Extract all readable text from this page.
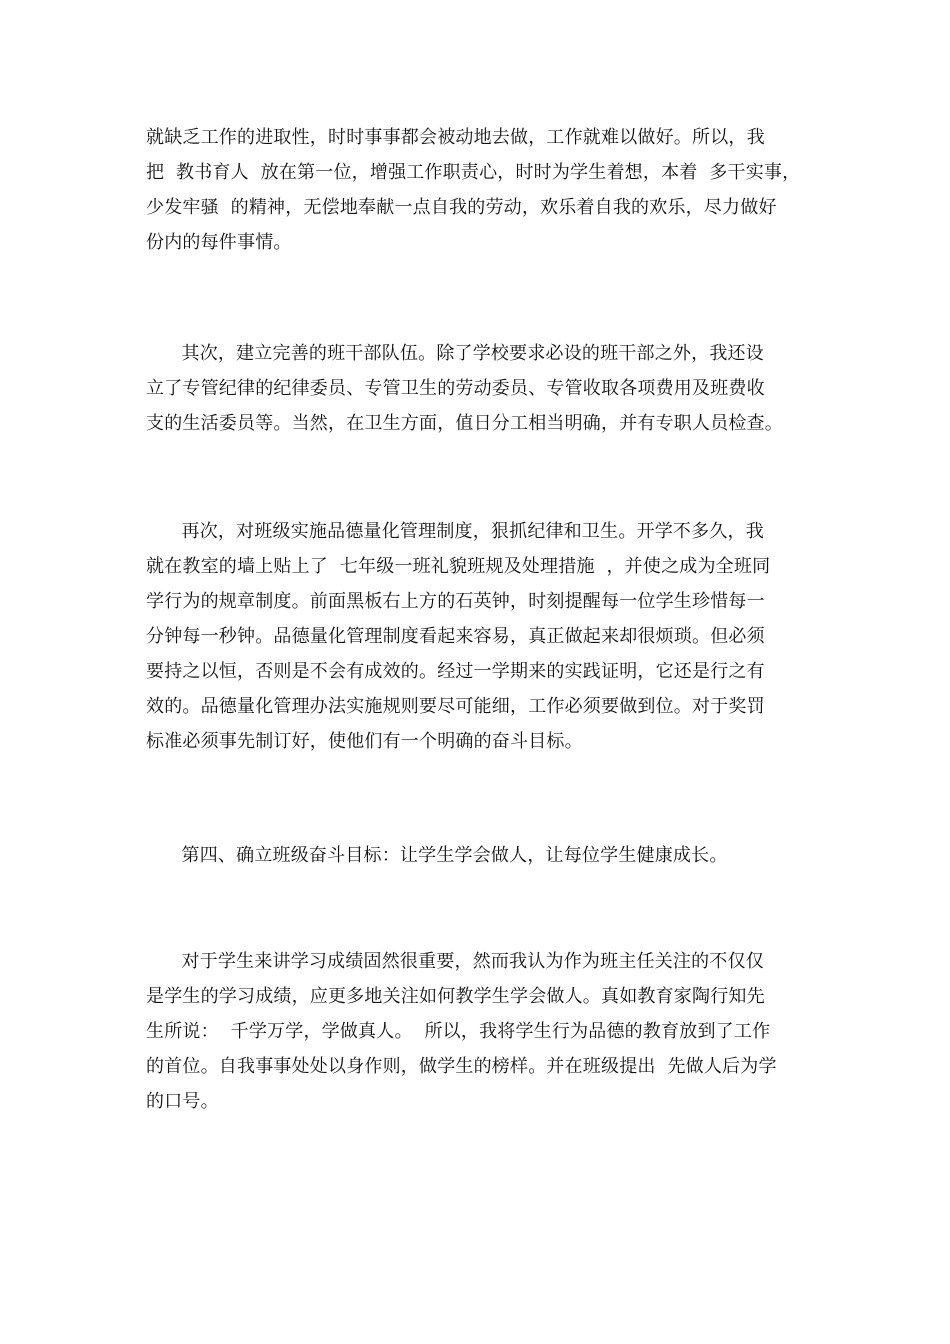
就缺乏工作的进取性，时时事事都会被动地去做，工作就难以做好。所以，我
把  教书育人  放在第一位，增强工作职责心，时时为学生着想，本着  多干实事，
少发牢骚  的精神，无偿地奉献一点自我的劳动，欢乐着自我的欢乐，尽力做好
份内的每件事情。
其次，建立完善的班干部队伍。除了学校要求必设的班干部之外，我还设
立了专管纪律的纪律委员、专管卫生的劳动委员、专管收取各项费用及班费收
支的生活委员等。当然，在卫生方面，值日分工相当明确，并有专职人员检查。
再次，对班级实施品德量化管理制度，狠抓纪律和卫生。开学不多久，我
就在教室的墙上贴上了  七年级一班礼貌班规及处理措施  ，并使之成为全班同
学行为的规章制度。前面黑板右上方的石英钟，时刻提醒每一位学生珍惜每一
分钟每一秒钟。品德量化管理制度看起来容易，真正做起来却很烦琐。但必须
要持之以恒，否则是不会有成效的。经过一学期来的实践证明，它还是行之有
效的。品德量化管理办法实施规则要尽可能细，工作必须要做到位。对于奖罚
标准必须事先制订好，使他们有一个明确的奋斗目标。
第四、确立班级奋斗目标：让学生学会做人，让每位学生健康成长。
对于学生来讲学习成绩固然很重要，然而我认为作为班主任关注的不仅仅
是学生的学习成绩，应更多地关注如何教学生学会做人。真如教育家陶行知先
生所说：  千学万学，学做真人。  所以，我将学生行为品德的教育放到了工作
的首位。自我事事处处以身作则，做学生的榜样。并在班级提出  先做人后为学
的口号。
